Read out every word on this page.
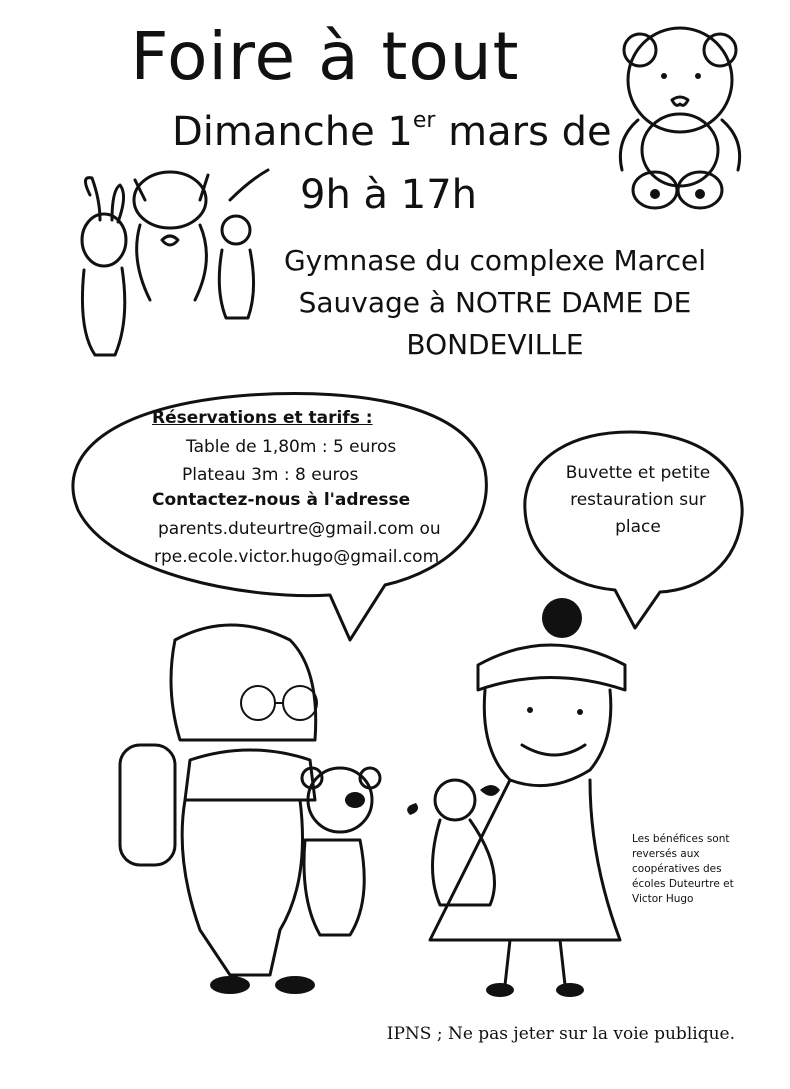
Foire à tout
Dimanche 1er mars de
9h à 17h
Gymnase du complexe Marcel
Sauvage à NOTRE DAME DE
BONDEVILLE
Réservations et tarifs :
Table de 1,80m : 5 euros
Plateau 3m : 8 euros
Contactez-nous à l'adresse
parents.duteurtre@gmail.com ou
rpe.ecole.victor.hugo@gmail.com
Buvette et petite
restauration sur
place
Les bénéfices sont
reversés aux
coopératives des
écoles Duteurtre et
Victor Hugo
IPNS ; Ne pas jeter sur la voie publique.
